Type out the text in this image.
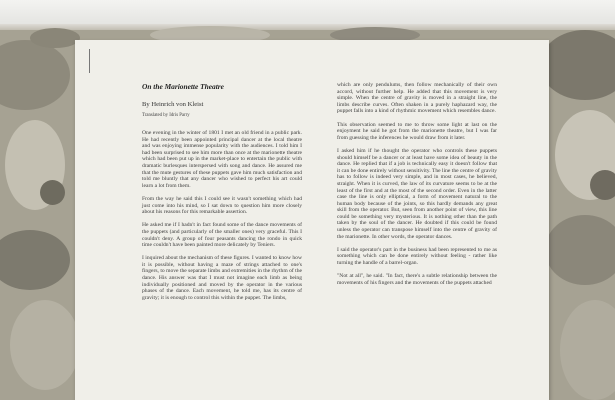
On the Marionette Theatre
By Heinrich von Kleist
Translated by Idris Parry

One evening in the winter of 1801 I met an old friend in a public park. He had recently been appointed principal dancer at the local theatre and was enjoying immense popularity with the audiences. I told him I had been surprised to see him more than once at the marionette theatre which had been put up in the market-place to entertain the public with dramatic burlesques interspersed with song and dance. He assured me that the mute gestures of these puppets gave him much satisfaction and told me bluntly that any dancer who wished to perfect his art could learn a lot from them.

From the way he said this I could see it wasn't something which had just come into his mind, so I sat down to question him more closely about his reasons for this remarkable assertion.

He asked me if I hadn't in fact found some of the dance movements of the puppets (and particularly of the smaller ones) very graceful. This I couldn't deny. A group of four peasants dancing the rondo in quick time couldn't have been painted more delicately by Teniers.

I inquired about the mechanism of these figures. I wanted to know how it is possible, without having a maze of strings attached to one's fingers, to move the separate limbs and extremities in the rhythm of the dance. His answer was that I must not imagine each limb as being individually positioned and moved by the operator in the various phases of the dance. Each movement, he told me, has its centre of gravity; it is enough to control this within the puppet. The limbs,

which are only pendulums, then follow mechanically of their own accord, without further help. He added that this movement is very simple. When the centre of gravity is moved in a straight line, the limbs describe curves. Often shaken in a purely haphazard way, the puppet falls into a kind of rhythmic movement which resembles dance.

This observation seemed to me to throw some light at last on the enjoyment he said he got from the marionette theatre, but I was far from guessing the inferences he would draw from it later.

I asked him if he thought the operator who controls these puppets should himself be a dancer or at least have some idea of beauty in the dance. He replied that if a job is technically easy it doesn't follow that it can be done entirely without sensitivity. The line the centre of gravity has to follow is indeed very simple, and in most cases, he believed, straight. When it is curved, the law of its curvature seems to be at the least of the first and at the most of the second order. Even in the latter case the line is only elliptical, a form of movement natural to the human body because of the joints, so this hardly demands any great skill from the operator. But, seen from another point of view, this line could be something very mysterious. It is nothing other than the path taken by the soul of the dancer. He doubted if this could be found unless the operator can transpose himself into the centre of gravity of the marionette. In other words, the operator dances.

I said the operator's part in the business had been represented to me as something which can be done entirely without feeling - rather like turning the handle of a barrel-organ.

"Not at all", he said. "In fact, there's a subtle relationship between the movements of his fingers and the movements of the puppets attached
